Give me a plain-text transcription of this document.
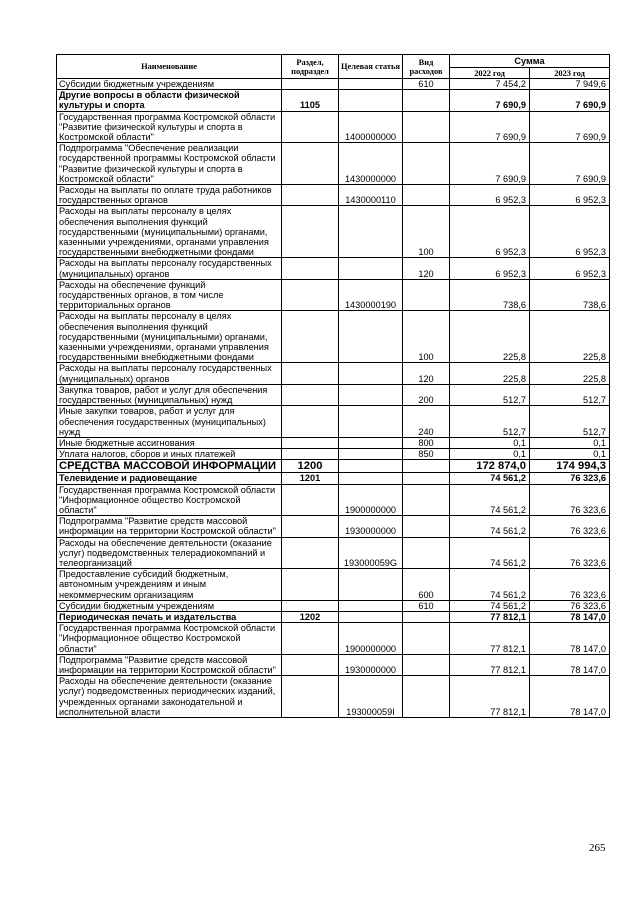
Наименование	Раздел, подраздел	Целевая статья	Вид расходов	Сумма	
				2022 год	2023 год
Субсидии бюджетным учреждениям			610	7 454,2	7 949,6
Другие вопросы в области физической культуры и спорта	1105			7 690,9	7 690,9
Государственная программа Костромской области "Развитие физической культуры и спорта в Костромской области"		1400000000		7 690,9	7 690,9
Подпрограмма "Обеспечение реализации государственной программы Костромской области "Развитие физической культуры и спорта в Костромской области"		1430000000		7 690,9	7 690,9
Расходы на выплаты по оплате труда работников государственных органов		1430000110		6 952,3	6 952,3
Расходы на выплаты персоналу в целях обеспечения выполнения функций государственными (муниципальными) органами, казенными учреждениями, органами управления государственными внебюджетными фондами			100	6 952,3	6 952,3
Расходы на выплаты персоналу государственных (муниципальных) органов			120	6 952,3	6 952,3
Расходы на обеспечение функций государственных органов, в том числе территориальных органов		1430000190		738,6	738,6
Расходы на выплаты персоналу в целях обеспечения выполнения функций государственными (муниципальными) органами, казенными учреждениями, органами управления государственными внебюджетными фондами			100	225,8	225,8
Расходы на выплаты персоналу государственных (муниципальных) органов			120	225,8	225,8
Закупка товаров, работ и услуг для обеспечения государственных (муниципальных) нужд			200	512,7	512,7
Иные закупки товаров, работ и услуг для обеспечения государственных (муниципальных) нужд			240	512,7	512,7
Иные бюджетные ассигнования			800	0,1	0,1
Уплата налогов, сборов и иных платежей			850	0,1	0,1
СРЕДСТВА МАССОВОЙ ИНФОРМАЦИИ	1200			172 874,0	174 994,3
Телевидение и радиовещание	1201			74 561,2	76 323,6
Государственная программа Костромской области "Информационное общество Костромской области"		1900000000		74 561,2	76 323,6
Подпрограмма "Развитие средств массовой информации на территории Костромской области"		1930000000		74 561,2	76 323,6
Расходы на обеспечение деятельности (оказание услуг) подведомственных телерадиокомпаний и телеорганизаций		193000059G		74 561,2	76 323,6
Предоставление субсидий бюджетным, автономным учреждениям и иным некоммерческим организациям			600	74 561,2	76 323,6
Субсидии бюджетным учреждениям			610	74 561,2	76 323,6
Периодическая печать и издательства	1202			77 812,1	78 147,0
Государственная программа Костромской области "Информационное общество Костромской области"		1900000000		77 812,1	78 147,0
Подпрограмма "Развитие средств массовой информации на территории Костромской области"		1930000000		77 812,1	78 147,0
Расходы на обеспечение деятельности (оказание услуг) подведомственных периодических изданий, учрежденных органами законодательной и исполнительной власти		193000059I		77 812,1	78 147,0
265
